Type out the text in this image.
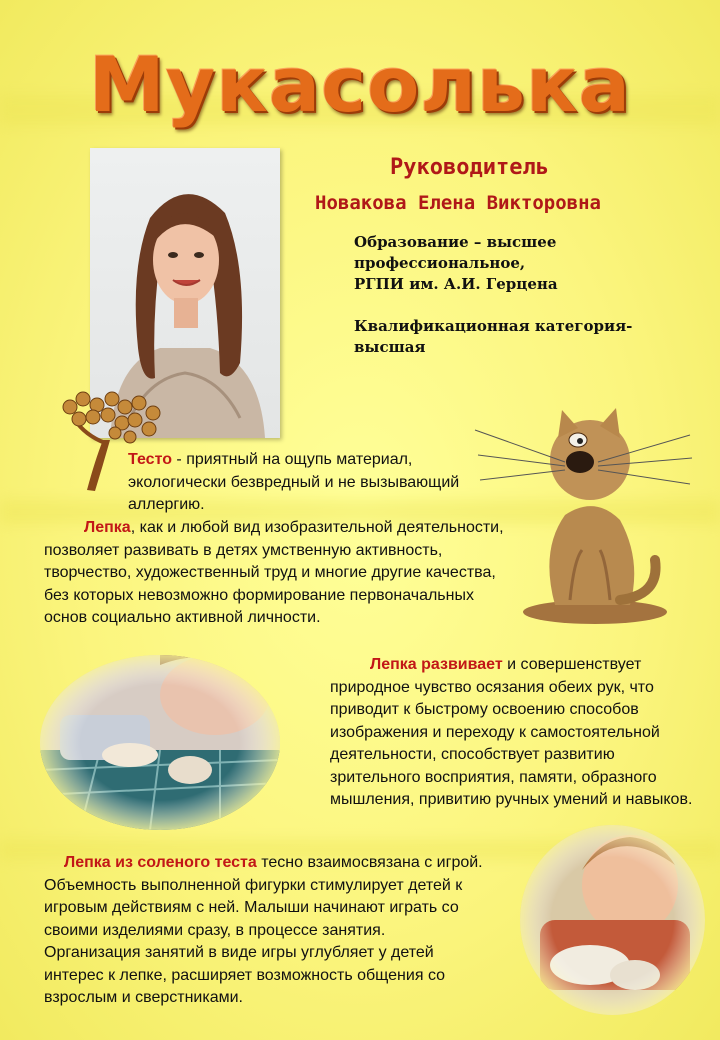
Мукасолька
Руководитель
Новакова Елена Викторовна
Образование – высшее
профессиональное,
РГПИ им. А.И. Герцена
Квалификационная категория-
высшая
Тесто - приятный на ощупь материал, экологически безвредный и не вызывающий аллергию.
Лепка, как и любой вид изобразительной деятельности, позволяет развивать в детях умственную активность, творчество, художественный труд и многие другие качества, без которых невозможно формирование первоначальных основ социально активной личности.
Лепка развивает и совершенствует природное чувство осязания обеих рук, что приводит к быстрому освоению способов изображения и переходу к самостоятельной деятельности, способствует развитию зрительного восприятия, памяти, образного мышления, привитию ручных умений и навыков.
Лепка из соленого теста тесно взаимосвязана с игрой. Объемность выполненной фигурки стимулирует детей к игровым действиям с ней. Малыши начинают играть со своими изделиями сразу, в процессе занятия. Организация занятий в виде игры углубляет у детей интерес к лепке, расширяет возможность общения со взрослым и сверстниками.
